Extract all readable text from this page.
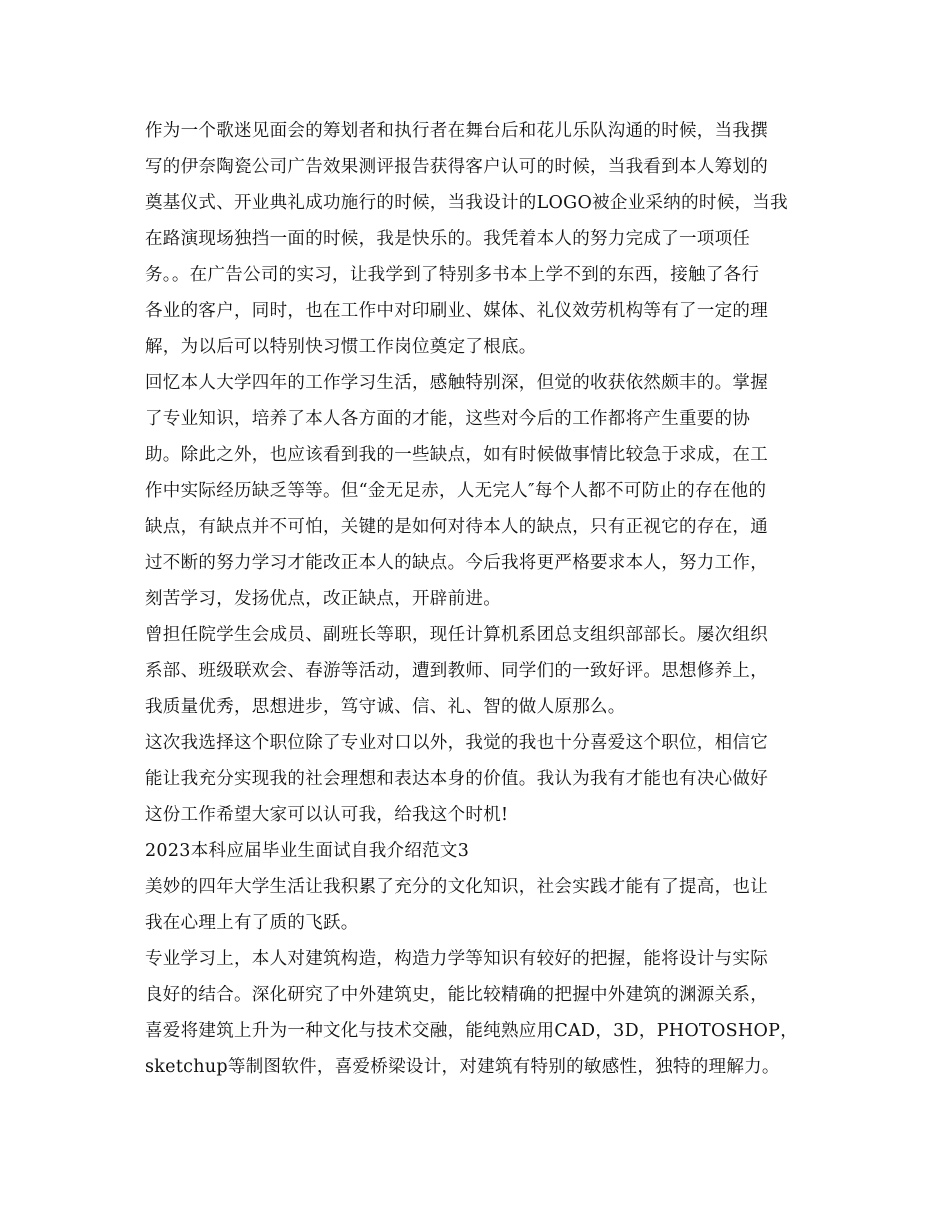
作为一个歌迷见面会的筹划者和执行者在舞台后和花儿乐队沟通的时候，当我撰
写的伊奈陶瓷公司广告效果测评报告获得客户认可的时候，当我看到本人筹划的
奠基仪式、开业典礼成功施行的时候，当我设计的LOGO被企业采纳的时候，当我
在路演现场独挡一面的时候，我是快乐的。我凭着本人的努力完成了一项项任
务。。在广告公司的实习，让我学到了特别多书本上学不到的东西，接触了各行
各业的客户，同时，也在工作中对印刷业、媒体、礼仪效劳机构等有了一定的理
解，为以后可以特别快习惯工作岗位奠定了根底。
回忆本人大学四年的工作学习生活，感触特别深，但觉的收获依然颇丰的。掌握
了专业知识，培养了本人各方面的才能，这些对今后的工作都将产生重要的协
助。除此之外，也应该看到我的一些缺点，如有时候做事情比较急于求成，在工
作中实际经历缺乏等等。但“金无足赤，人无完人″每个人都不可防止的存在他的
缺点，有缺点并不可怕，关键的是如何对待本人的缺点，只有正视它的存在，通
过不断的努力学习才能改正本人的缺点。今后我将更严格要求本人，努力工作，
刻苦学习，发扬优点，改正缺点，开辟前进。
曾担任院学生会成员、副班长等职，现任计算机系团总支组织部部长。屡次组织
系部、班级联欢会、春游等活动，遭到教师、同学们的一致好评。思想修养上，
我质量优秀，思想进步，笃守诚、信、礼、智的做人原那么。
这次我选择这个职位除了专业对口以外，我觉的我也十分喜爱这个职位，相信它
能让我充分实现我的社会理想和表达本身的价值。我认为我有才能也有决心做好
这份工作希望大家可以认可我，给我这个时机!
2023本科应届毕业生面试自我介绍范文3
美妙的四年大学生活让我积累了充分的文化知识，社会实践才能有了提高，也让
我在心理上有了质的飞跃。
专业学习上，本人对建筑构造，构造力学等知识有较好的把握，能将设计与实际
良好的结合。深化研究了中外建筑史，能比较精确的把握中外建筑的渊源关系，
喜爱将建筑上升为一种文化与技术交融，能纯熟应用CAD，3D，PHOTOSHOP，
sketchup等制图软件，喜爱桥梁设计，对建筑有特别的敏感性，独特的理解力。
